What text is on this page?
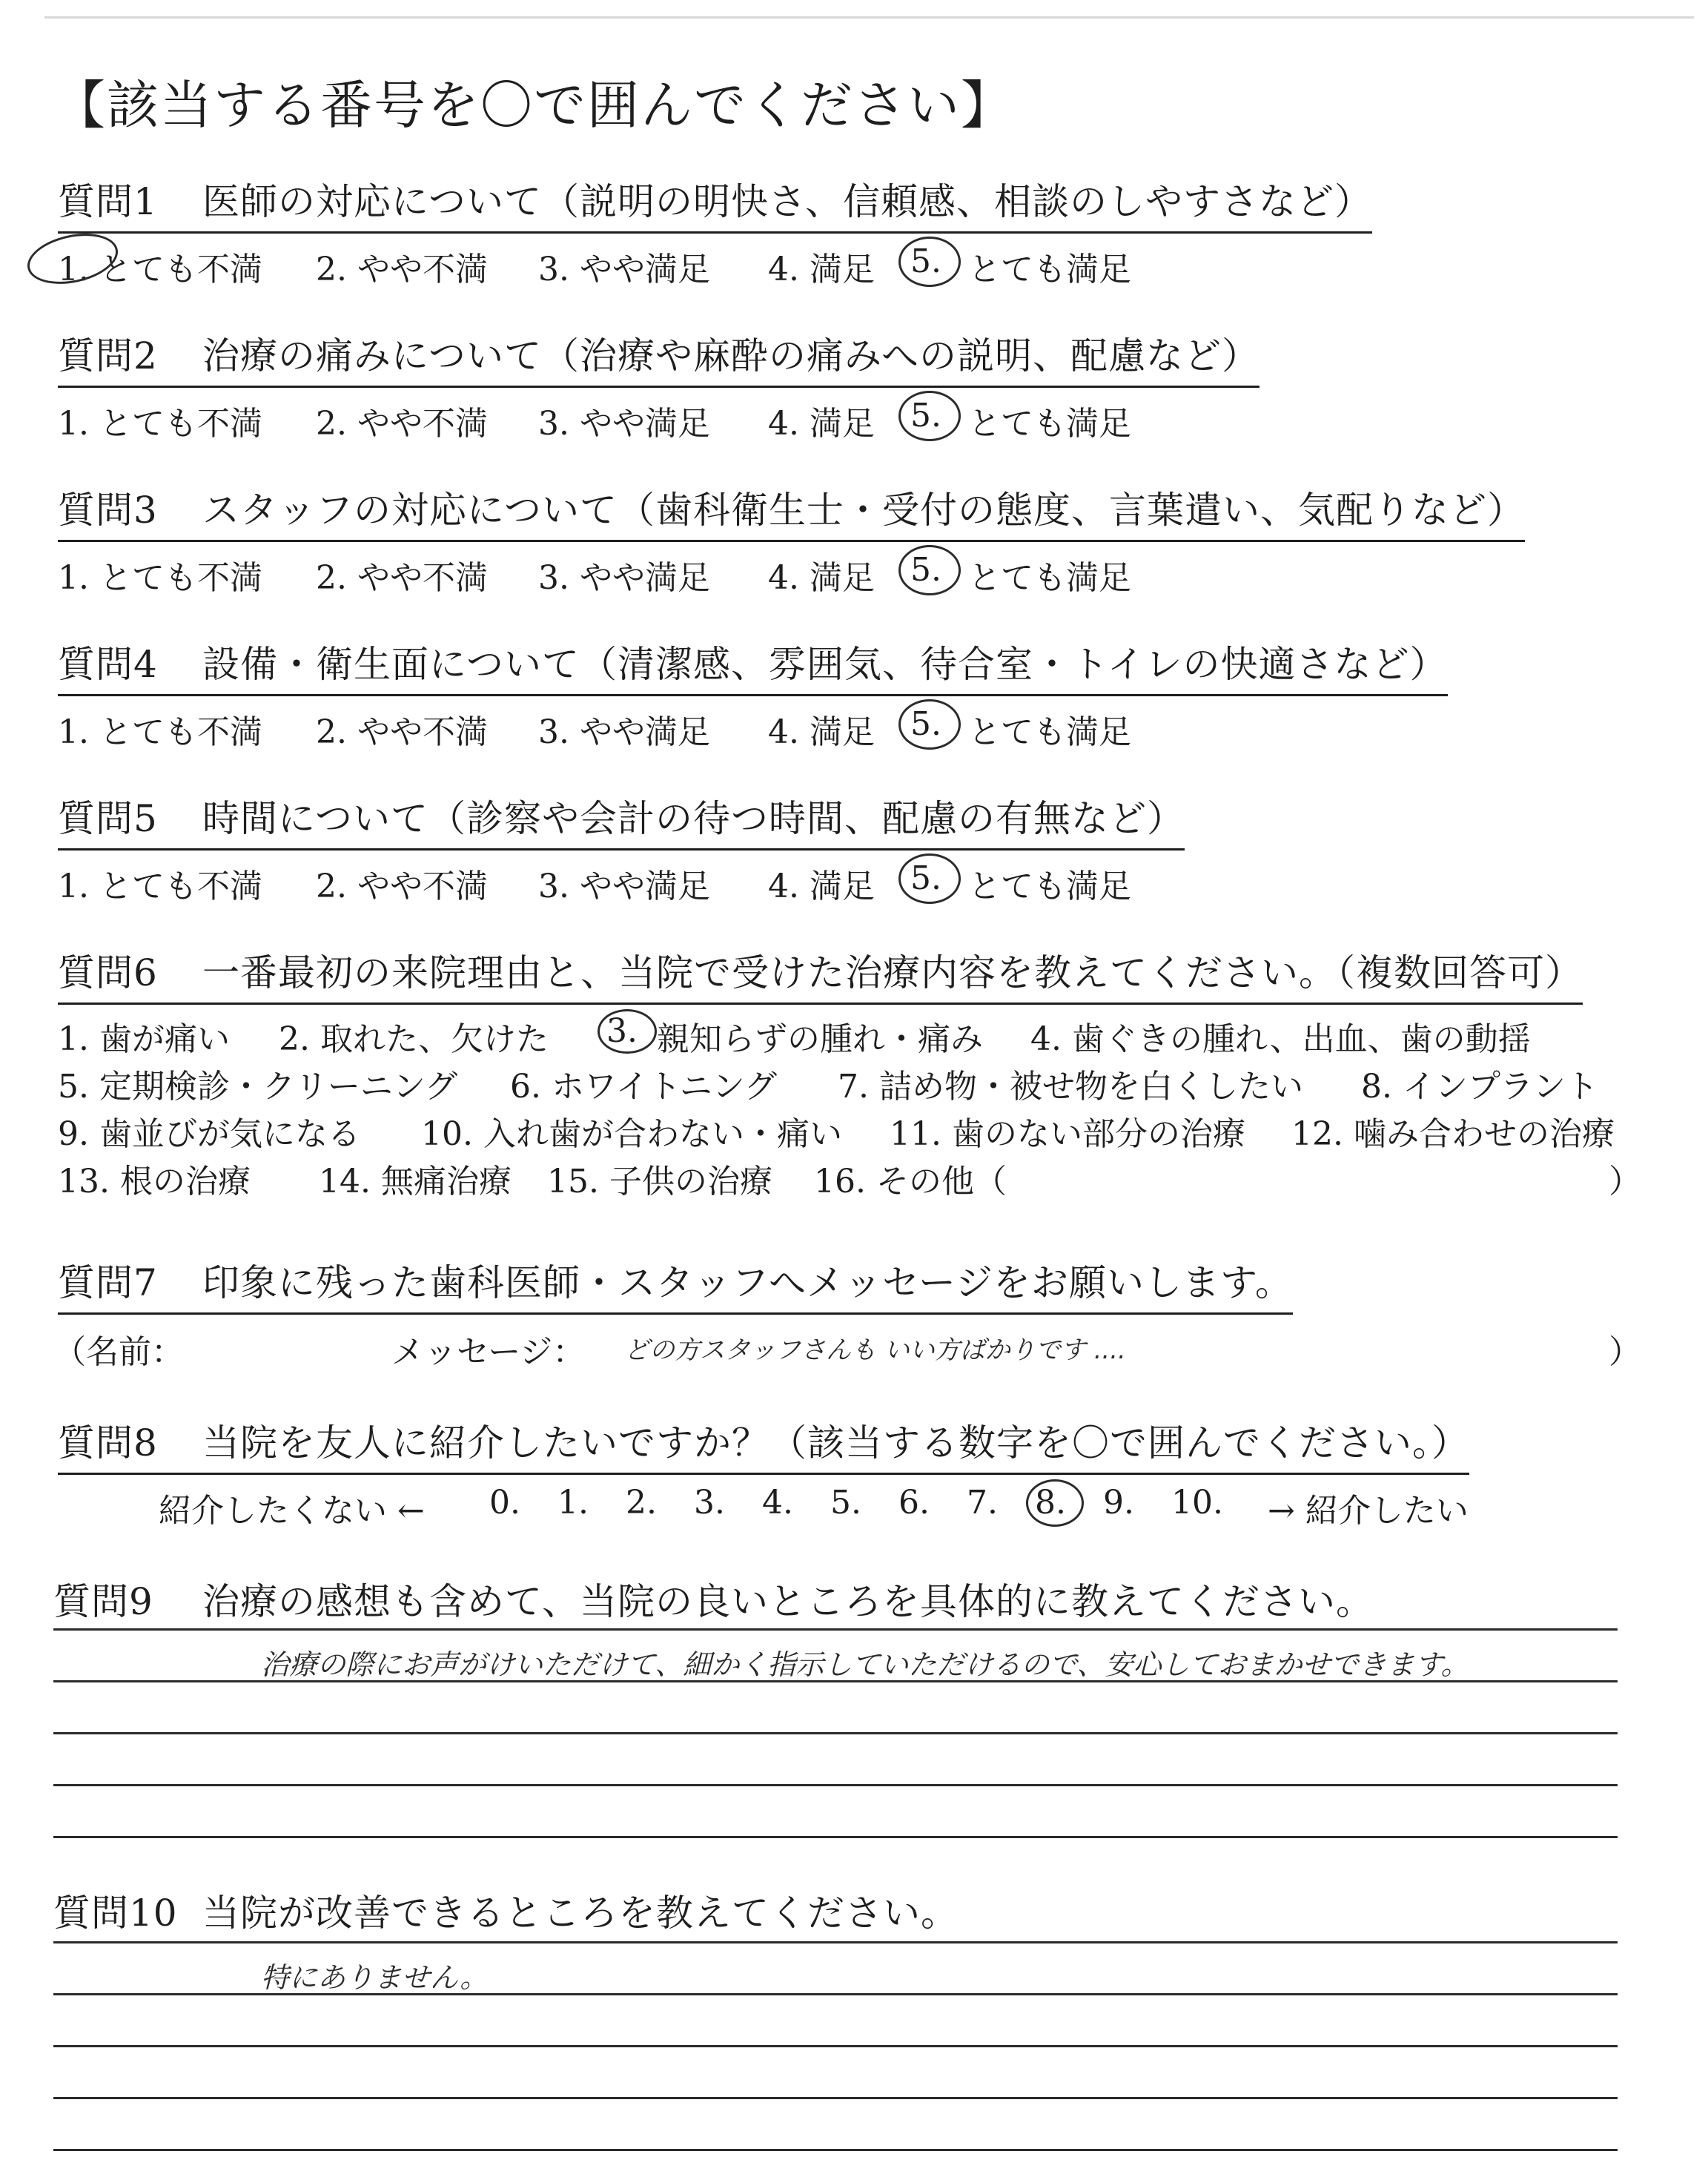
【該当する番号を〇で囲んでください】
質問1 医師の対応について（説明の明快さ、信頼感、相談のしやすさなど）
1. とても不満 2. やや不満 3. やや満足 4. 満足 5. とても満足
質問2 治療の痛みについて（治療や麻酔の痛みへの説明、配慮など）
1. とても不満 2. やや不満 3. やや満足 4. 満足 5. とても満足
質問3 スタッフの対応について（歯科衛生士・受付の態度、言葉遣い、気配りなど）
1. とても不満 2. やや不満 3. やや満足 4. 満足 5. とても満足
質問4 設備・衛生面について（清潔感、雰囲気、待合室・トイレの快適さなど）
1. とても不満 2. やや不満 3. やや満足 4. 満足 5. とても満足
質問5 時間について（診察や会計の待つ時間、配慮の有無など）
1. とても不満 2. やや不満 3. やや満足 4. 満足 5. とても満足
質問6 一番最初の来院理由と、当院で受けた治療内容を教えてください。（複数回答可）
1. 歯が痛い 2. 取れた、欠けた 3. 親知らずの腫れ・痛み 4. 歯ぐきの腫れ、出血、歯の動揺
5. 定期検診・クリーニング 6. ホワイトニング 7. 詰め物・被せ物を白くしたい 8. インプラント
9. 歯並びが気になる 10. 入れ歯が合わない・痛い 11. 歯のない部分の治療 12. 噛み合わせの治療
13. 根の治療 14. 無痛治療 15. 子供の治療 16. その他（	）
質問7 印象に残った歯科医師・スタッフへメッセージをお願いします。
（名前：	メッセージ： どの方スタッフさんも いい方ばかりです ....	）
質問8 当院を友人に紹介したいですか？（該当する数字を〇で囲んでください。）
紹介したくない ← 0. 1. 2. 3. 4. 5. 6. 7. 8. 9. 10. → 紹介したい
質問9 治療の感想も含めて、当院の良いところを具体的に教えてください。
治療の際にお声がけいただけて、細かく指示していただけるので、安心しておまかせできます。
質問10 当院が改善できるところを教えてください。
特にありません。
